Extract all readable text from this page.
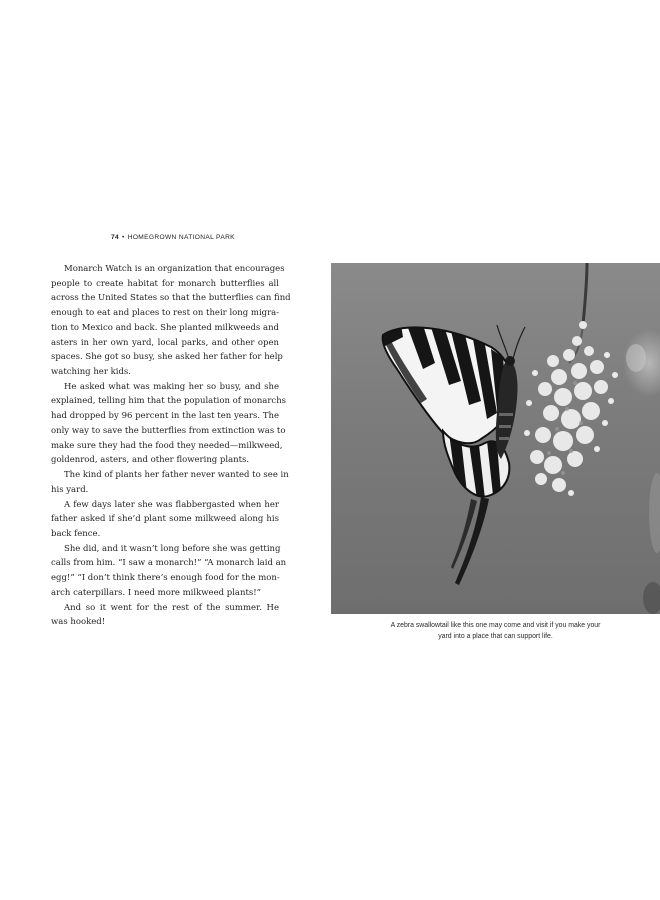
74 • HOMEGROWN NATIONAL PARK
Monarch Watch is an organization that encourages
people to create habitat for monarch butterflies all
across the United States so that the butterflies can find
enough to eat and places to rest on their long migra-
tion to Mexico and back. She planted milkweeds and
asters in her own yard, local parks, and other open
spaces. She got so busy, she asked her father for help
watching her kids.
He asked what was making her so busy, and she
explained, telling him that the population of monarchs
had dropped by 96 percent in the last ten years. The
only way to save the butterflies from extinction was to
make sure they had the food they needed—milkweed,
goldenrod, asters, and other flowering plants.
The kind of plants her father never wanted to see in
his yard.
A few days later she was flabbergasted when her
father asked if she’d plant some milkweed along his
back fence.
She did, and it wasn’t long before she was getting
calls from him. “I saw a monarch!” “A monarch laid an
egg!” “I don’t think there’s enough food for the mon-
arch caterpillars. I need more milkweed plants!”
And so it went for the rest of the summer. He
was hooked!	A zebra swallowtail like this one may come and visit if you make your
yard into a place that can support life.
